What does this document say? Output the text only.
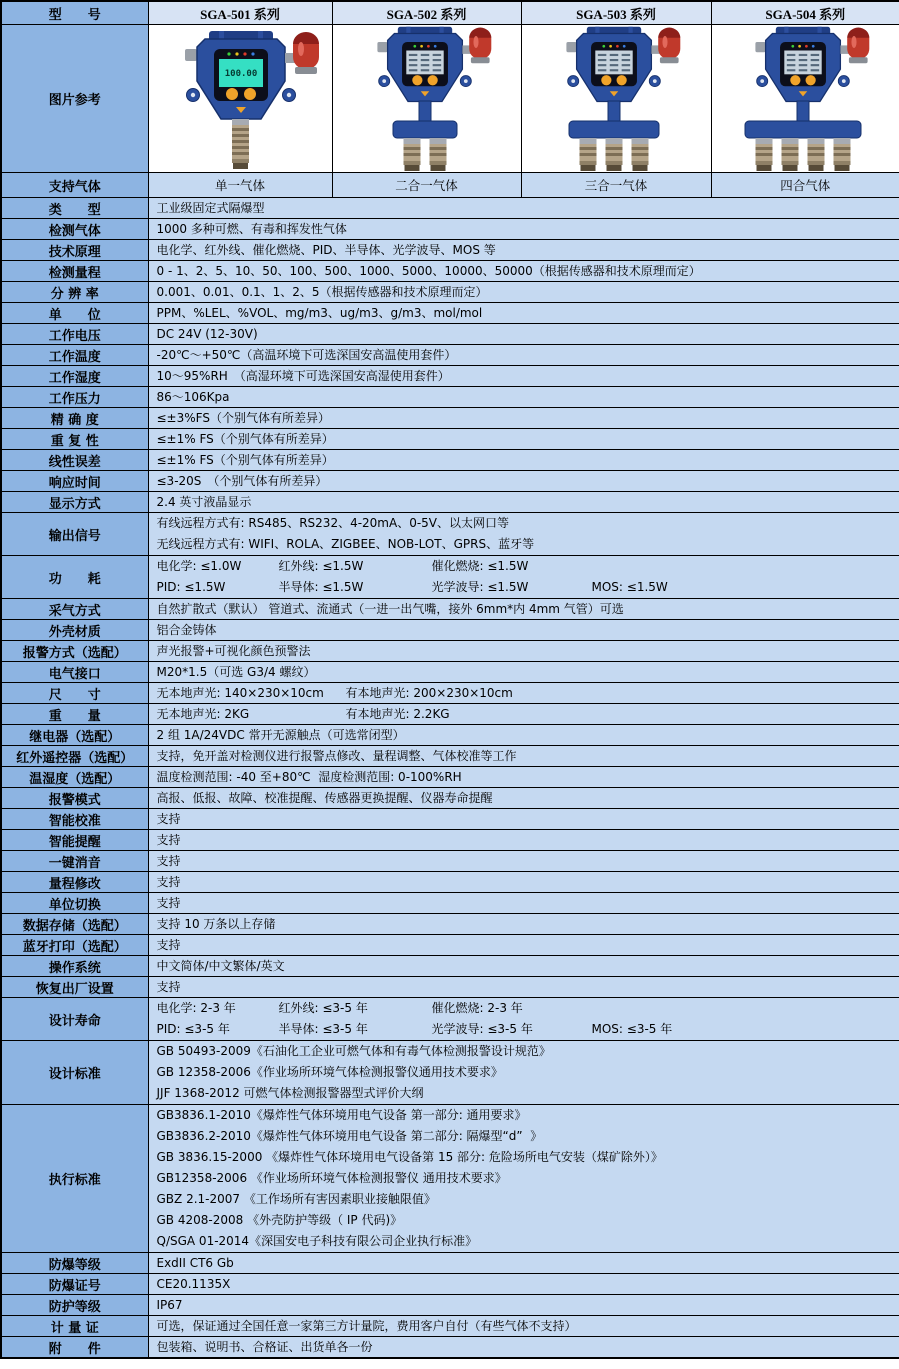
型　　号	SGA-501 系列	SGA-502 系列	SGA-503 系列	SGA-504 系列
图片参考	100.00

支持气体	单一气体	二合一气体	三合一气体	四合气体
类　　型	工业级固定式隔爆型			
检测气体	1000 多种可燃、有毒和挥发性气体			
技术原理	电化学、红外线、催化燃烧、PID、半导体、光学波导、MOS 等			
检测量程	0 - 1、2、5、10、50、100、500、1000、5000、10000、50000（根据传感器和技术原理而定）			
分 辨 率	0.001、0.01、0.1、1、2、5（根据传感器和技术原理而定）			
单　　位	PPM、%LEL、%VOL、mg/m3、ug/m3、g/m3、mol/mol			
工作电压	DC 24V (12-30V)			
工作温度	-20℃～+50℃（高温环境下可选深国安高温使用套件）			
工作湿度	10～95%RH　（高湿环境下可选深国安高湿使用套件）			
工作压力	86～106Kpa			
精 确 度	≤±3%FS（个别气体有所差异）			
重 复 性	≤±1% FS（个别气体有所差异）			
线性误差	≤±1% FS（个别气体有所差异）			
响应时间	≤3-20S　（个别气体有所差异）			
显示方式	2.4 英寸液晶显示			
输出信号	有线远程方式有: RS485、RS232、4-20mA、0-5V、以太网口等
无线远程方式有: WIFI、ROLA、ZIGBEE、NOB-LOT、GPRS、蓝牙等			

功　　耗	电化学: ≤1.0W 红外线: ≤1.5W 催化燃烧: ≤1.5W
PID: ≤1.5W 半导体: ≤1.5W 光学波导: ≤1.5W MOS: ≤1.5W			

采气方式	自然扩散式（默认） 管道式、流通式（一进一出气嘴，接外 6mm*内 4mm 气管）可选			
外壳材质	铝合金铸体			
报警方式（选配）	声光报警+可视化颜色预警法			
电气接口	M20*1.5（可选 G3/4 螺纹）			
尺　　寸	无本地声光: 140×230×10cm 有本地声光: 200×230×10cm			
重　　量	无本地声光: 2KG 有本地声光: 2.2KG			
继电器（选配）	2 组 1A/24VDC 常开无源触点（可选常闭型）			
红外遥控器（选配）	支持，免开盖对检测仪进行报警点修改、量程调整、气体校准等工作			
温湿度（选配）	温度检测范围: -40 至+80℃  湿度检测范围: 0-100%RH			
报警模式	高报、低报、故障、校准提醒、传感器更换提醒、仪器寿命提醒			
智能校准	支持			
智能提醒	支持			
一键消音	支持			
量程修改	支持			
单位切换	支持			
数据存储（选配）	支持 10 万条以上存储			
蓝牙打印（选配）	支持			
操作系统	中文简体/中文繁体/英文			
恢复出厂设置	支持			
设计寿命	电化学: 2-3 年 红外线: ≤3-5 年 催化燃烧: 2-3 年
PID: ≤3-5 年 半导体: ≤3-5 年 光学波导: ≤3-5 年 MOS: ≤3-5 年			

设计标准	GB 50493-2009《石油化工企业可燃气体和有毒气体检测报警设计规范》
GB 12358-2006《作业场所环境气体检测报警仪通用技术要求》
JJF 1368-2012 可燃气体检测报警器型式评价大纲			

执行标准	
GB3836.1-2010《爆炸性气体环境用电气设备 第一部分: 通用要求》
GB3836.2-2010《爆炸性气体环境用电气设备 第二部分: 隔爆型“d”  》
GB 3836.15-2000 《爆炸性气体环境用电气设备第 15 部分: 危险场所电气安装（煤矿除外）》
GB12358-2006 《作业场所环境气体检测报警仪 通用技术要求》
GBZ 2.1-2007 《工作场所有害因素职业接触限值》
GB 4208-2008 《外壳防护等级（ IP 代码)》
Q/SGA 01-2014《深国安电子科技有限公司企业执行标准》

防爆等级	ExdII CT6 Gb			
防爆证号	CE20.1135X			
防护等级	IP67			
计 量 证	可选，保证通过全国任意一家第三方计量院，费用客户自付（有些气体不支持）			
附　　件	包装箱、说明书、合格证、出货单各一份			
